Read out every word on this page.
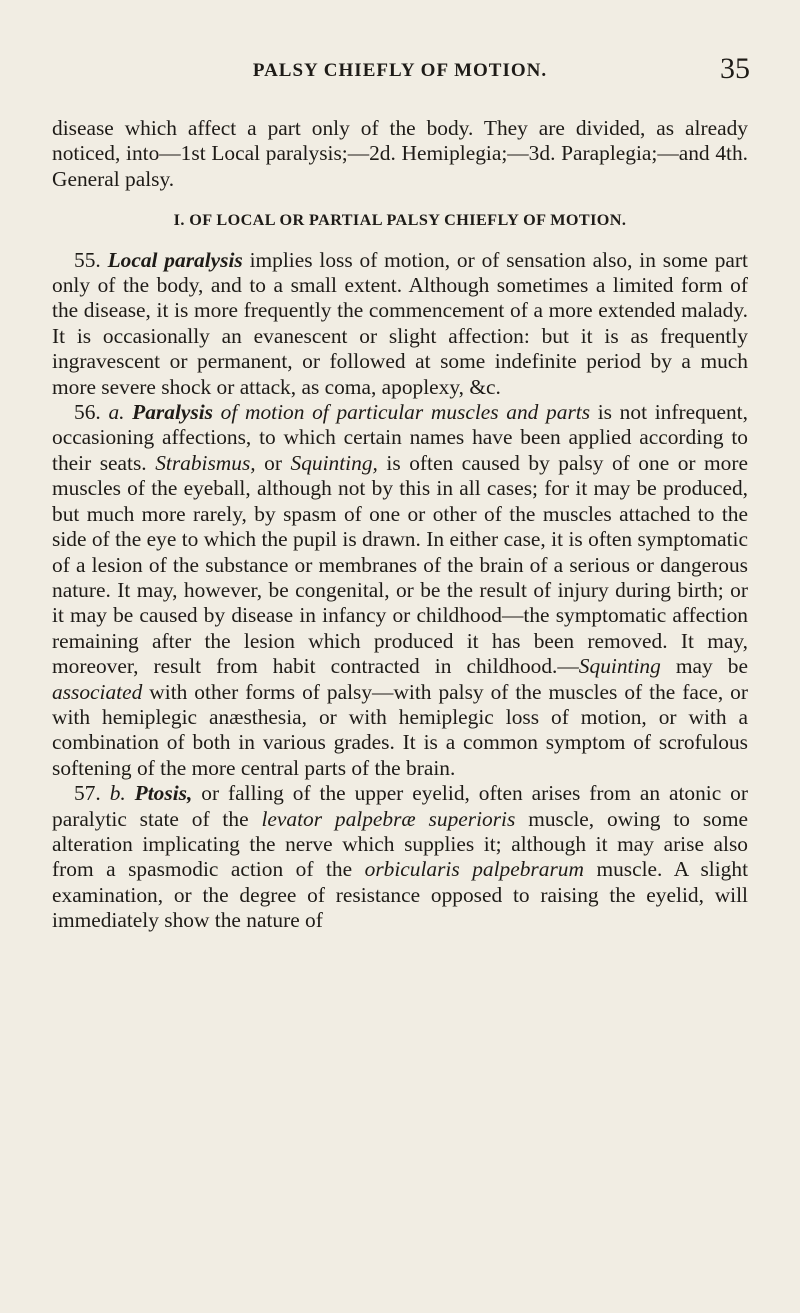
PALSY CHIEFLY OF MOTION.	35

disease which affect a part only of the body. They are divided, as already noticed, into—1st Local paralysis;—2d. Hemiplegia;—3d. Paraplegia;—and 4th. General palsy.

I. OF LOCAL OR PARTIAL PALSY CHIEFLY OF MOTION.

55. Local paralysis implies loss of motion, or of sensation also, in some part only of the body, and to a small extent. Although sometimes a limited form of the disease, it is more frequently the commencement of a more extended malady. It is occasionally an evanescent or slight affection: but it is as frequently ingravescent or permanent, or followed at some indefinite period by a much more severe shock or attack, as coma, apoplexy, &c.

56. a. Paralysis of motion of particular muscles and parts is not infrequent, occasioning affections, to which certain names have been applied according to their seats. Strabismus, or Squinting, is often caused by palsy of one or more muscles of the eyeball, although not by this in all cases; for it may be produced, but much more rarely, by spasm of one or other of the muscles attached to the side of the eye to which the pupil is drawn. In either case, it is often symptomatic of a lesion of the substance or membranes of the brain of a serious or dangerous nature. It may, however, be congenital, or be the result of injury during birth; or it may be caused by disease in infancy or childhood—the symptomatic affection remaining after the lesion which produced it has been removed. It may, moreover, result from habit contracted in childhood.—Squinting may be associated with other forms of palsy—with palsy of the muscles of the face, or with hemiplegic anæsthesia, or with hemiplegic loss of motion, or with a combination of both in various grades. It is a common symptom of scrofulous softening of the more central parts of the brain.

57. b. Ptosis, or falling of the upper eyelid, often arises from an atonic or paralytic state of the levator palpebræ superioris muscle, owing to some alteration implicating the nerve which supplies it; although it may arise also from a spasmodic action of the orbicularis palpebrarum muscle. A slight examination, or the degree of resistance opposed to raising the eyelid, will immediately show the nature of
